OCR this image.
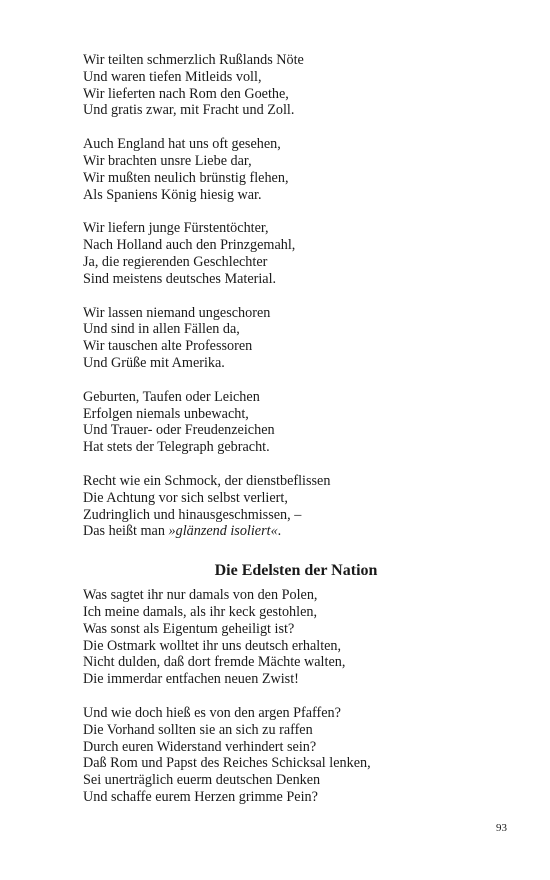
Wir teilten schmerzlich Rußlands Nöte
Und waren tiefen Mitleids voll,
Wir lieferten nach Rom den Goethe,
Und gratis zwar, mit Fracht und Zoll.
Auch England hat uns oft gesehen,
Wir brachten unsre Liebe dar,
Wir mußten neulich brünstig flehen,
Als Spaniens König hiesig war.
Wir liefern junge Fürstentöchter,
Nach Holland auch den Prinzgemahl,
Ja, die regierenden Geschlechter
Sind meistens deutsches Material.
Wir lassen niemand ungeschoren
Und sind in allen Fällen da,
Wir tauschen alte Professoren
Und Grüße mit Amerika.
Geburten, Taufen oder Leichen
Erfolgen niemals unbewacht,
Und Trauer- oder Freudenzeichen
Hat stets der Telegraph gebracht.
Recht wie ein Schmock, der dienstbeflissen
Die Achtung vor sich selbst verliert,
Zudringlich und hinausgeschmissen, –
Das heißt man »glänzend isoliert«.
Die Edelsten der Nation
Was sagtet ihr nur damals von den Polen,
Ich meine damals, als ihr keck gestohlen,
Was sonst als Eigentum geheiligt ist?
Die Ostmark wolltet ihr uns deutsch erhalten,
Nicht dulden, daß dort fremde Mächte walten,
Die immerdar entfachen neuen Zwist!
Und wie doch hieß es von den argen Pfaffen?
Die Vorhand sollten sie an sich zu raffen
Durch euren Widerstand verhindert sein?
Daß Rom und Papst des Reiches Schicksal lenken,
Sei unerträglich euerm deutschen Denken
Und schaffe eurem Herzen grimme Pein?
93
